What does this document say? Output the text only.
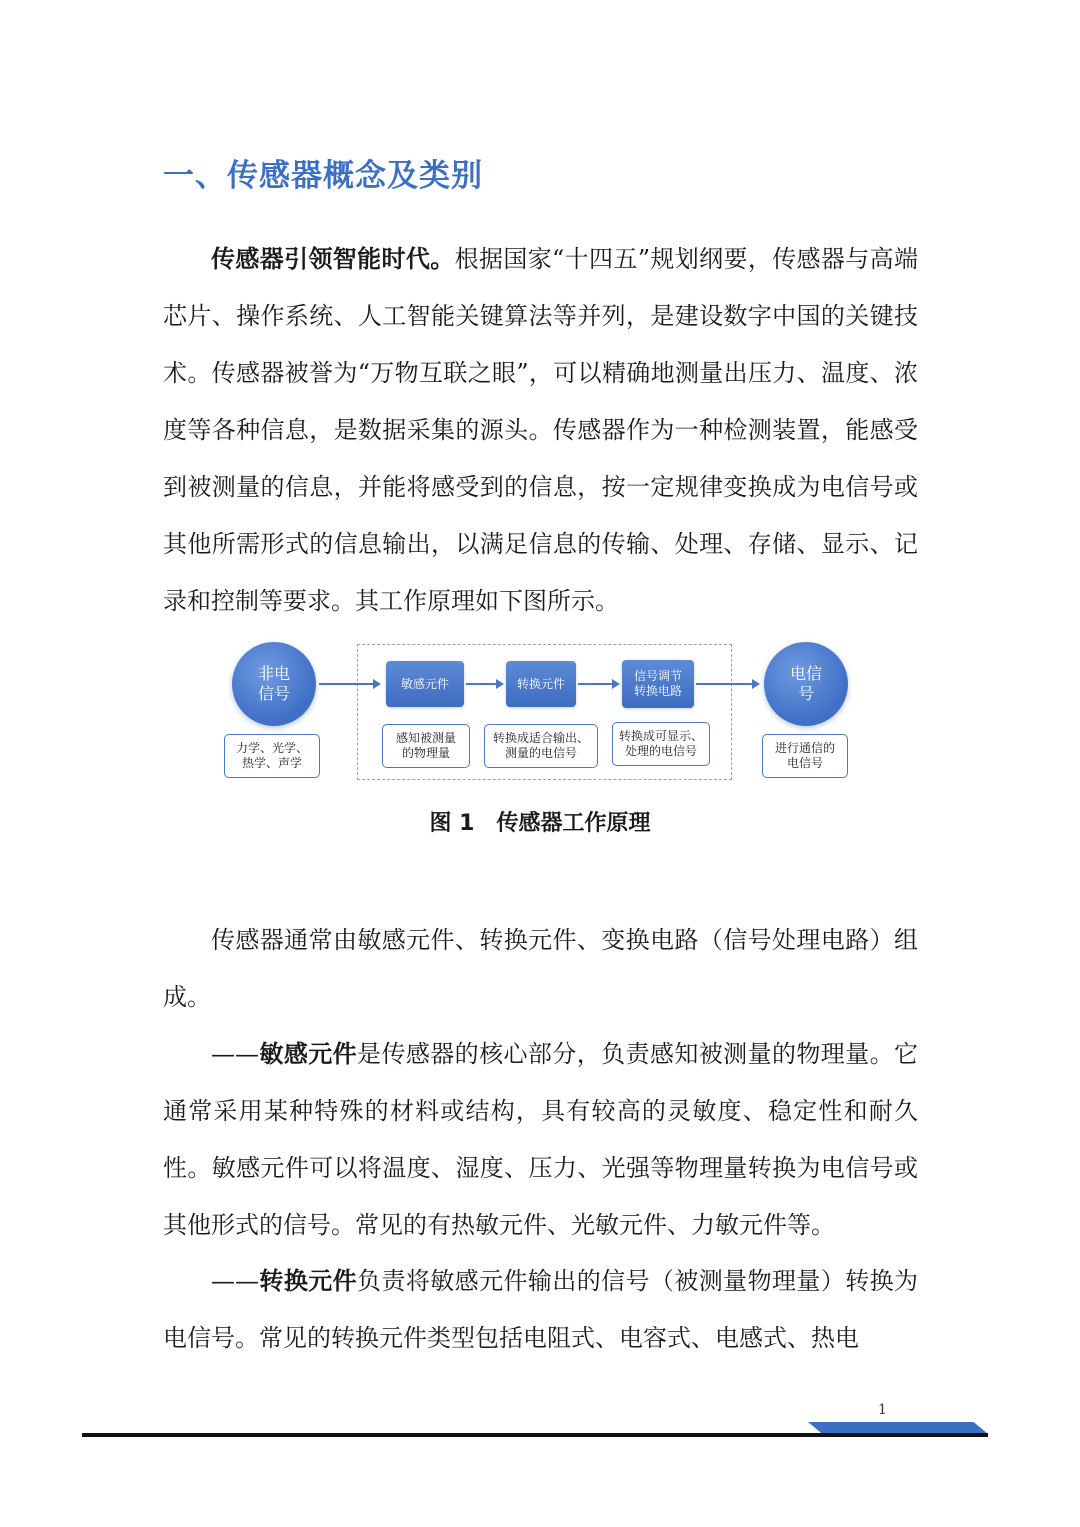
一、传感器概念及类别
传感器引领智能时代。根据国家“十四五”规划纲要，传感器与高端芯片、操作系统、人工智能关键算法等并列，是建设数字中国的关键技术。传感器被誉为“万物互联之眼”，可以精确地测量出压力、温度、浓度等各种信息，是数据采集的源头。传感器作为一种检测装置，能感受到被测量的信息，并能将感受到的信息，按一定规律变换成为电信号或其他所需形式的信息输出，以满足信息的传输、处理、存储、显示、记录和控制等要求。其工作原理如下图所示。
非电信号
力学、光学、
热学、声学
敏感元件
感知被测量
的物理量
转换元件
转换成适合输出、
测量的电信号
信号调节
转换电路
转换成可显示、
处理的电信号
电信号
进行通信的
电信号
图 1　传感器工作原理
传感器通常由敏感元件、转换元件、变换电路（信号处理电路）组成。
——敏感元件是传感器的核心部分，负责感知被测量的物理量。它通常采用某种特殊的材料或结构，具有较高的灵敏度、稳定性和耐久性。敏感元件可以将温度、湿度、压力、光强等物理量转换为电信号或其他形式的信号。常见的有热敏元件、光敏元件、力敏元件等。
——转换元件负责将敏感元件输出的信号（被测量物理量）转换为电信号。常见的转换元件类型包括电阻式、电容式、电感式、热电
1
